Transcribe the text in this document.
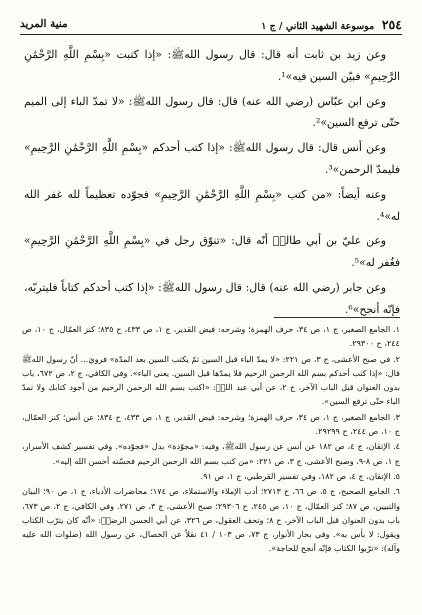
٢٥٤ موسوعة الشهيد الثاني / ج ١
منية المريد

وعن زيد بن ثابت أنه قال: قال رسول اللهﷺ: «إذا كتبت «بِسْمِ اللَّهِ الرَّحْمَٰنِ الرَّحِيمِ» فبيّن السين فيه»¹.

وعن ابن عبّاس (رضي الله عنه) قال: قال رسول اللهﷺ: «لا تمدّ الباء إلى الميم حتّى ترفع السين»².

وعن أنس قال: قال رسول اللهﷺ: «إذا كتب أحدكم «بِسْمِ اللَّهِ الرَّحْمَٰنِ الرَّحِيمِ» فليمدّ الرحمن»³.

وعنه أيضاً: «من كتب «بِسْمِ اللَّهِ الرَّحْمَٰنِ الرَّحِيمِ» فجوّده تعظيماً لله غفر الله له»⁴.

وعن عليّ بن أبي طالبؑ أنّه قال: «تنوّق رجل في «بِسْمِ اللَّهِ الرَّحْمَٰنِ الرَّحِيمِ» فغُفر له»⁵.

وعن جابر (رضي الله عنه) قال: قال رسول اللهﷺ: «إذا كتب أحدكم كتاباً فليتربّه، فإنّه أنجح»⁶.

١. الجامع الصغير، ج ١، ص ٣٤، حرف الهمزة؛ وشرحه: فيض القدير، ج ١، ص ٤٣٣، ح ٨٣٥؛ كنز العمّال، ج ١٠، ص ٢٤٤، ح ٢٩٣٠٠.

٢. في صبح الأعشى، ج ٣، ص ٢٢١: «لا يمدّ الباء قبل السين ثمّ يكتب السين بعد المدّة» فرويَ... أنّ رسول اللهﷺ قال: «إذا كتب أحدكم بسم الله الرحمن الرحيم فلا يمدّها قبل السين. يعني الباء». وفي الكافي، ج ٢، ص ٦٧٢، باب بدون العنوان قبل الباب الآخر، ح ٢، عن أبي عبد اللهؑ: «اكتب بسم الله الرحمن الرحيم من أجود كتابك ولا تمدّ الباء حتّى ترفع السين».

٣. الجامع الصغير، ج ١، ص ٣٤، حرف الهمزة؛ وشرحه: فيض القدير، ج ١، ص ٤٣٣، ح ٨٣٤؛ عن أنس؛ كنز العمّال، ج ١٠، ص ٢٤٤، ح ٢٩٢٩٩.

٤. الإتقان، ج ٤، ص ١٨٢ عن أنس عن رسول اللهﷺ، وفيه: «مجوّدة» بدل «فجوّده». وفي تفسير كشف الأسرار، ج ١، ص ٨-٩، وصبح الأعشى، ج ٣، ص ٢٢١: «من كتب بسم الله الرحمن الرحيم فحسّنه أحسن الله إليه».

٥. الإتقان، ج ٤، ص ١٨٢، وفي تفسير القرطبي، ج ١، ص ٩١.

٦. الجامع الصحيح، ج ٥، ص ٦٦، ح ٢٧١٣؛ أدب الإملاء والاستملاء، ص ١٧٤؛ محاضرات الأدباء، ج ١، ص ٩٠؛ البيان والتبيين، ص ٨٧؛ كنز العمّال، ج ١٠، ص ٢٤٥، ح ٢٩٣٠٦؛ صبح الأعشى، ج ٣، ص ٢٧١. وفي الكافي، ج ٢، ص ٦٧٣، باب بدون العنوان قبل الباب الآخر، ح ٨؛ وتحف العقول، ص ٣٢٦، عن أبي الحسن الرضاؑ: «أنّه كان يترّب الكتاب ويقول: لا بأس به». وفي بحار الأنوار، ج ٧٣، ص ١٠٣ / ٤١ نقلاً عن الخصال، عن رسول الله (صلوات الله عليه وآله): «ترّبوا الكتاب فإنّه أنجح للحاجة».
